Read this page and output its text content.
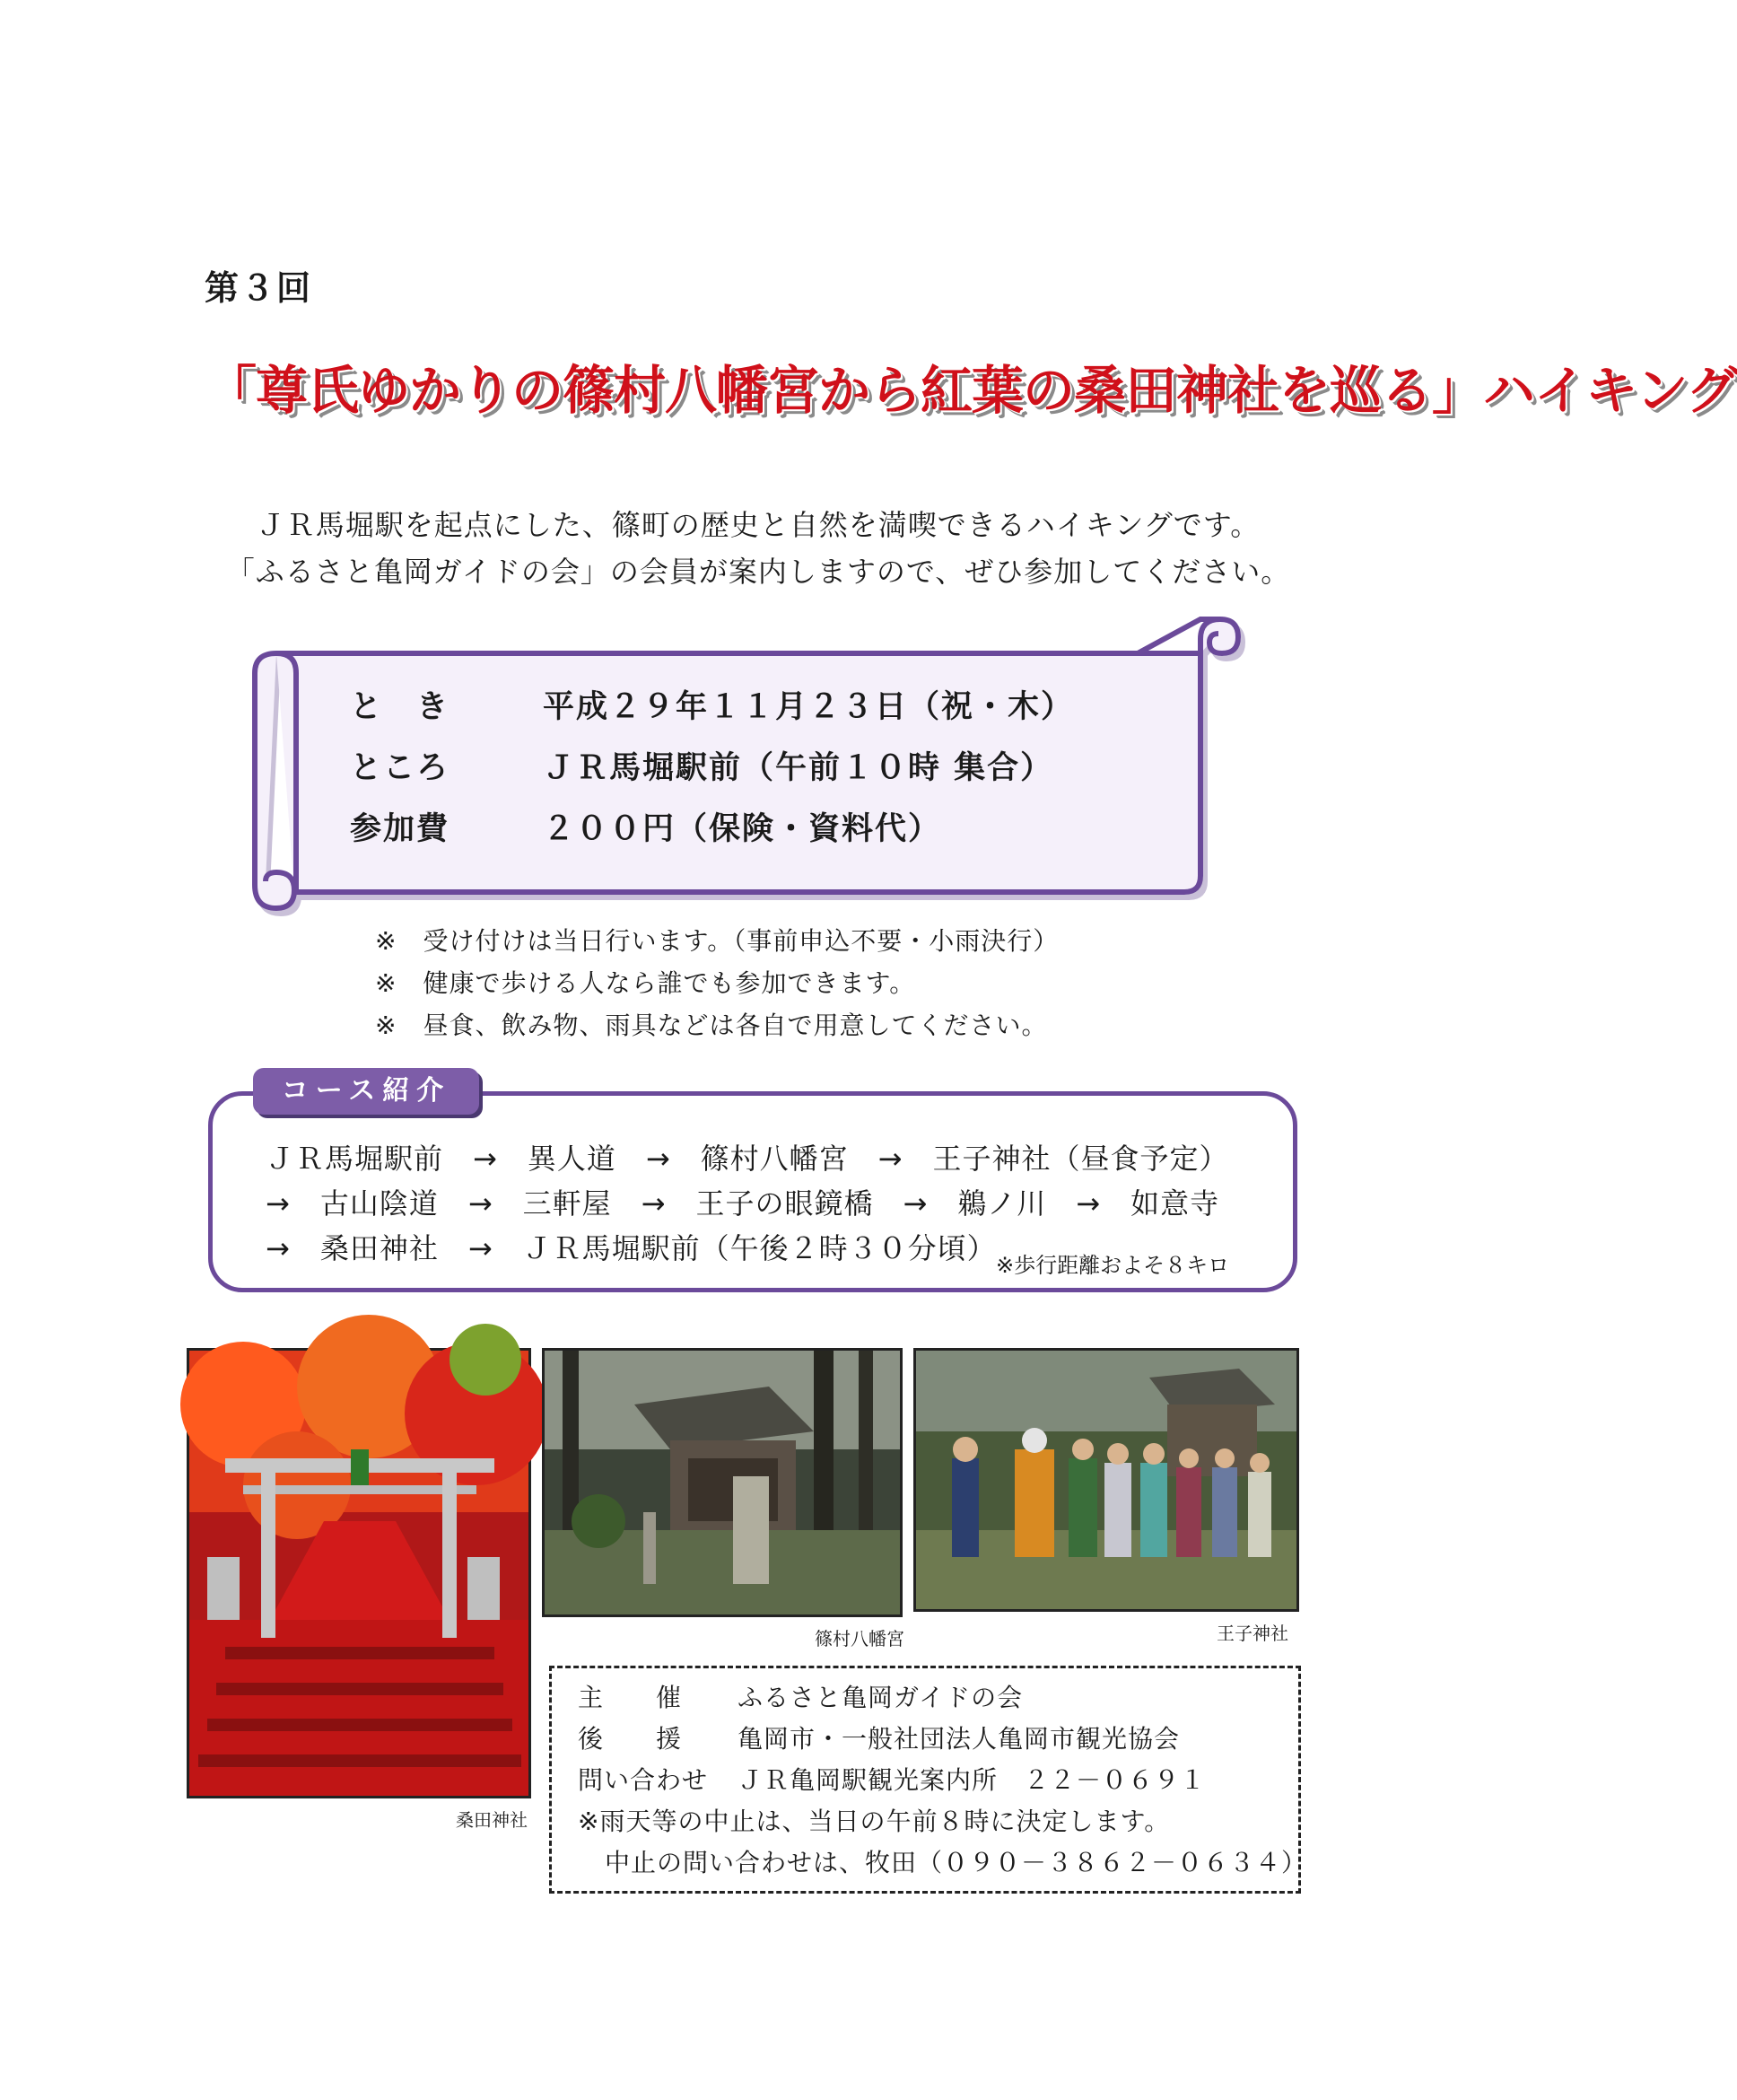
第３回
「尊氏ゆかりの篠村八幡宮から紅葉の桑田神社を巡る」ハイキング
ＪＲ馬堀駅を起点にした、篠町の歴史と自然を満喫できるハイキングです。
「ふるさと亀岡ガイドの会」の会員が案内しますので、ぜひ参加してください。
と　き	平成２９年１１月２３日（祝・木）
ところ	ＪＲ馬堀駅前（午前１０時 集合）
参加費	２００円（保険・資料代）
※　受け付けは当日行います。（事前申込不要・小雨決行）
※　健康で歩ける人なら誰でも参加できます。
※　昼食、飲み物、雨具などは各自で用意してください。
コース紹介
ＪＲ馬堀駅前　→　異人道　→　篠村八幡宮　→　王子神社（昼食予定）
→　古山陰道　→　三軒屋　→　王子の眼鏡橋　→　鵜ノ川　→　如意寺
→　桑田神社　→　ＪＲ馬堀駅前（午後２時３０分頃） ※歩行距離およそ８キロ
桑田神社
篠村八幡宮	王子神社
主　　催 ふるさと亀岡ガイドの会
後　　援 亀岡市・一般社団法人亀岡市観光協会
問い合わせ ＪＲ亀岡駅観光案内所　２２－０６９１
※雨天等の中止は、当日の午前８時に決定します。
中止の問い合わせは、牧田（０９０－３８６２－０６３４）
